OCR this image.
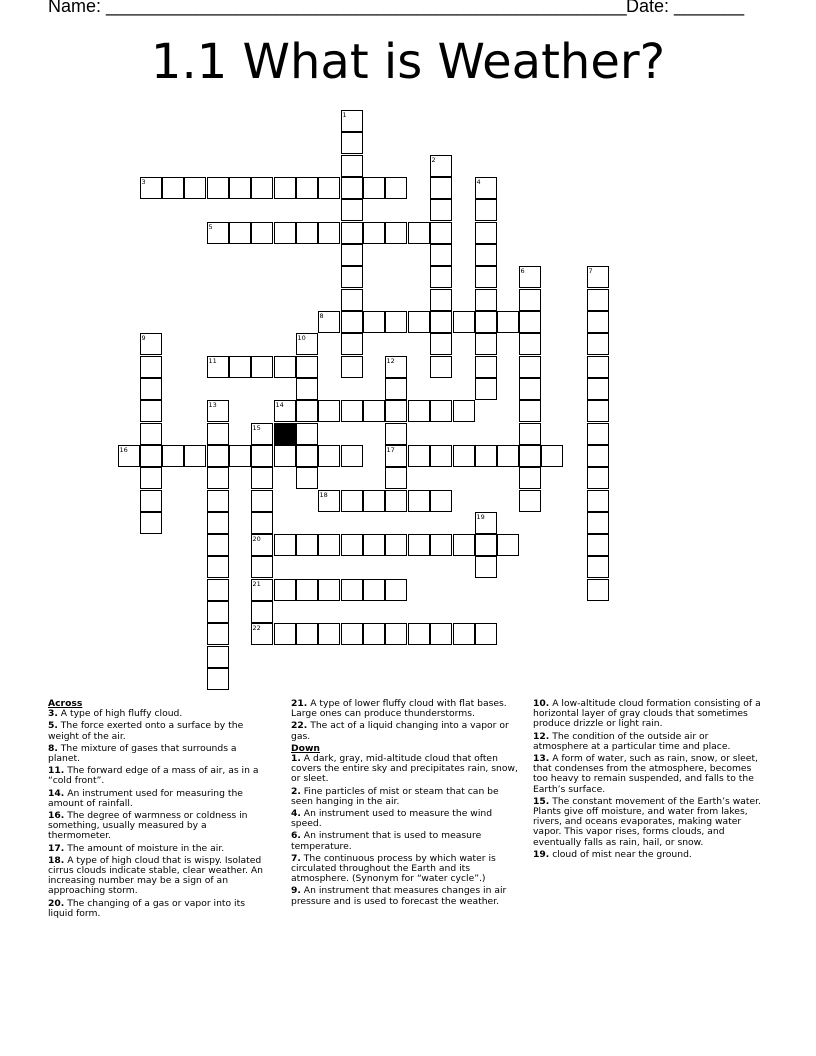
Name: ____________________________________________________ Date: _______
1.1 What is Weather?
1
2
3	4
5
6	7
8
9	10
11	12
17
13	14
15
20
21
22
16
18
19
Across
3. A type of high fluffy cloud.
5. The force exerted onto a surface by the weight of the air.
8. The mixture of gases that surrounds a planet.
11. The forward edge of a mass of air, as in a “cold front”.
14. An instrument used for measuring the amount of rainfall.
16. The degree of warmness or coldness in something, usually measured by a thermometer.
17. The amount of moisture in the air.
18. A type of high cloud that is wispy. Isolated cirrus clouds indicate stable, clear weather. An increasing number may be a sign of an approaching storm.
20. The changing of a gas or vapor into its liquid form.
21. A type of lower fluffy cloud with flat bases. Large ones can produce thunderstorms.
22. The act of a liquid changing into a vapor or gas.
Down
1. A dark, gray, mid-altitude cloud that often covers the entire sky and precipitates rain, snow, or sleet.
2. Fine particles of mist or steam that can be seen hanging in the air.
4. An instrument used to measure the wind speed.
6. An instrument that is used to measure temperature.
7. The continuous process by which water is circulated throughout the Earth and its atmosphere. (Synonym for “water cycle”.)
9. An instrument that measures changes in air pressure and is used to forecast the weather.
10. A low-altitude cloud formation consisting of a horizontal layer of gray clouds that sometimes produce drizzle or light rain.
12. The condition of the outside air or atmosphere at a particular time and place.
13. A form of water, such as rain, snow, or sleet, that condenses from the atmosphere, becomes too heavy to remain suspended, and falls to the Earth’s surface.
15. The constant movement of the Earth’s water. Plants give off moisture, and water from lakes, rivers, and oceans evaporates, making water vapor. This vapor rises, forms clouds, and eventually falls as rain, hail, or snow.
19. cloud of mist near the ground.
